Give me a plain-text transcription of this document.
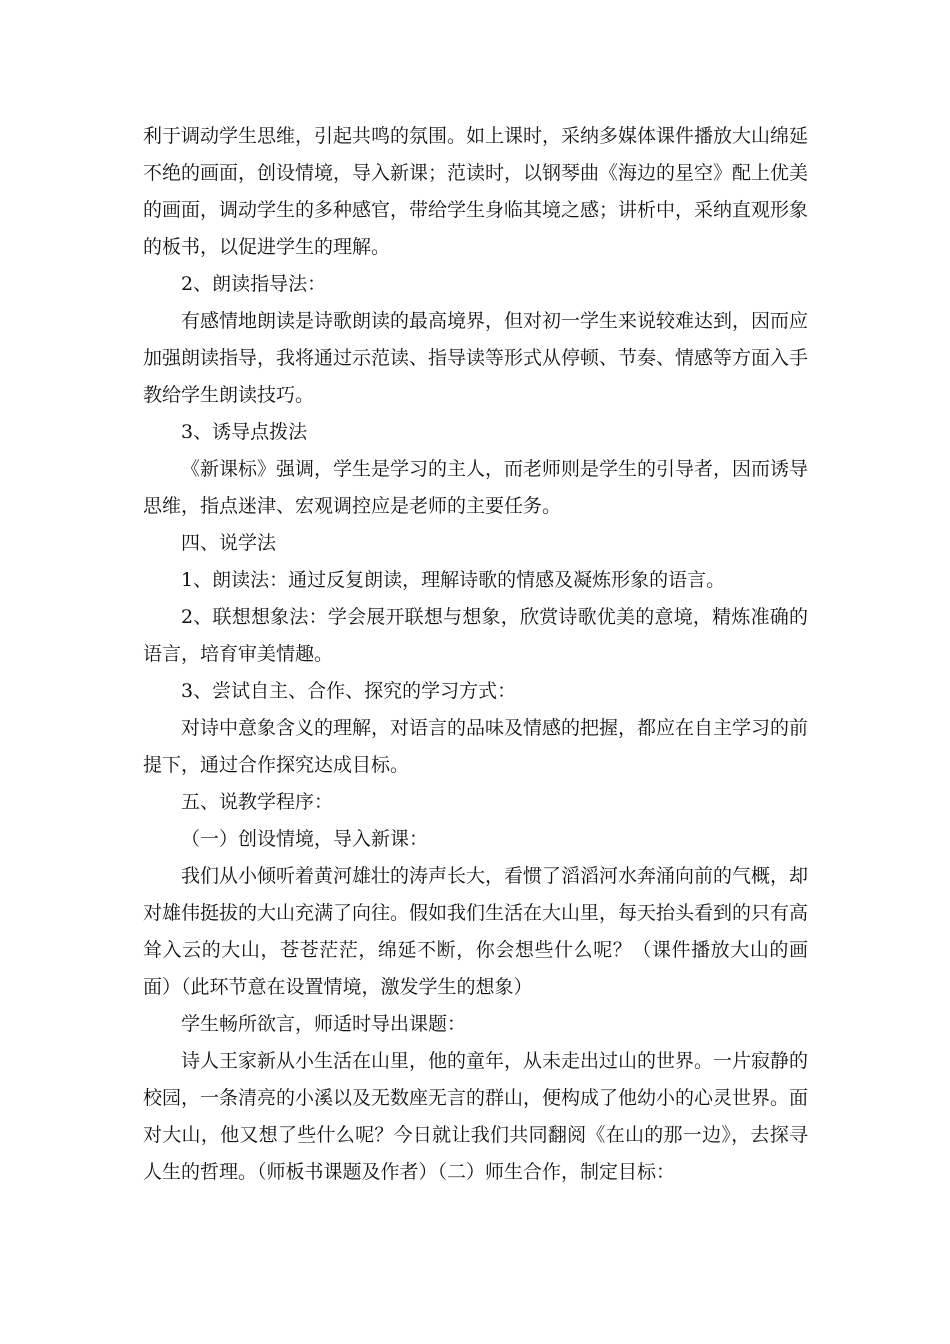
利于调动学生思维，引起共鸣的氛围。如上课时，采纳多媒体课件播放大山绵延不绝的画面，创设情境，导入新课；范读时，以钢琴曲《海边的星空》配上优美的画面，调动学生的多种感官，带给学生身临其境之感；讲析中，采纳直观形象的板书，以促进学生的理解。

2、朗读指导法：

有感情地朗读是诗歌朗读的最高境界，但对初一学生来说较难达到，因而应加强朗读指导，我将通过示范读、指导读等形式从停顿、节奏、情感等方面入手教给学生朗读技巧。

3、诱导点拨法

《新课标》强调，学生是学习的主人，而老师则是学生的引导者，因而诱导思维，指点迷津、宏观调控应是老师的主要任务。

四、说学法

1、朗读法：通过反复朗读，理解诗歌的情感及凝炼形象的语言。

2、联想想象法：学会展开联想与想象，欣赏诗歌优美的意境，精炼准确的语言，培育审美情趣。

3、尝试自主、合作、探究的学习方式：

对诗中意象含义的理解，对语言的品味及情感的把握，都应在自主学习的前提下，通过合作探究达成目标。

五、说教学程序：

（一）创设情境，导入新课：

我们从小倾听着黄河雄壮的涛声长大，看惯了滔滔河水奔涌向前的气概，却对雄伟挺拔的大山充满了向往。假如我们生活在大山里，每天抬头看到的只有高耸入云的大山，苍苍茫茫，绵延不断，你会想些什么呢？（课件播放大山的画面）（此环节意在设置情境，激发学生的想象）

学生畅所欲言，师适时导出课题：

诗人王家新从小生活在山里，他的童年，从未走出过山的世界。一片寂静的校园，一条清亮的小溪以及无数座无言的群山，便构成了他幼小的心灵世界。面对大山，他又想了些什么呢？今日就让我们共同翻阅《在山的那一边》，去探寻人生的哲理。（师板书课题及作者）（二）师生合作，制定目标：
